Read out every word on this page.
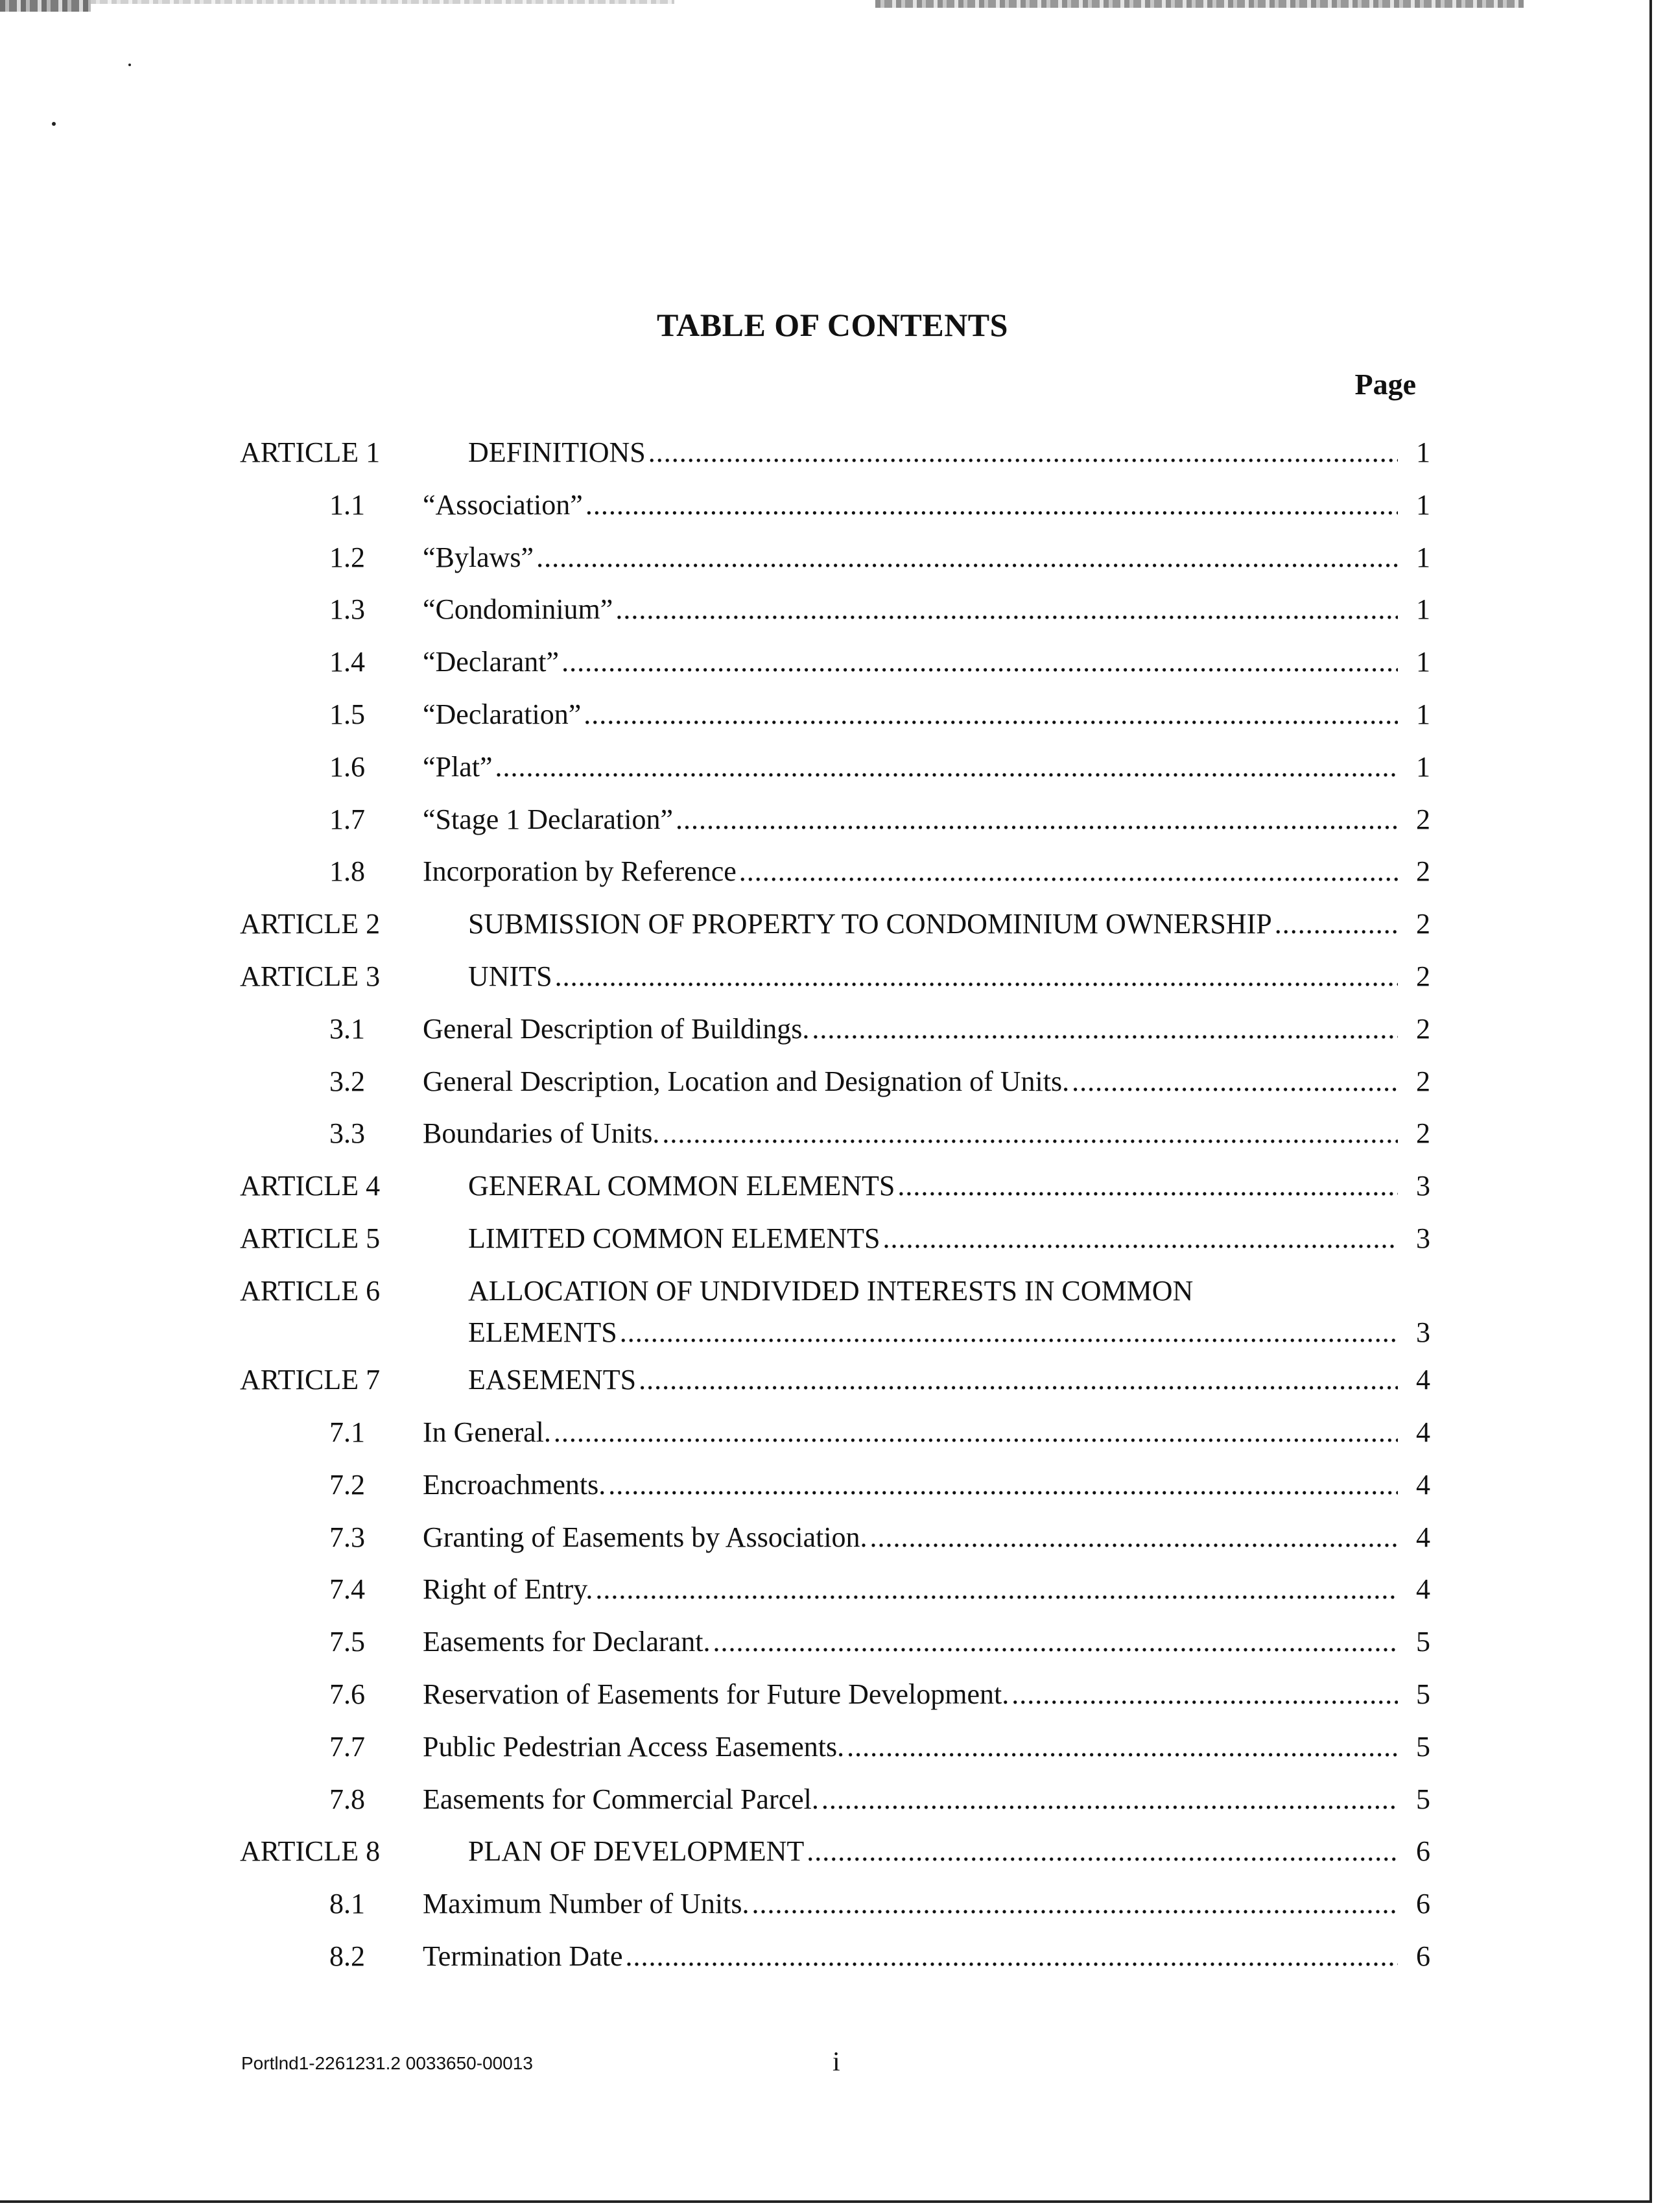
TABLE OF CONTENTS
Page
ARTICLE 1	DEFINITIONS .....	1
1.1 “Association” .....	1
1.2 “Bylaws” .....	1
1.3 “Condominium” .....	1
1.4 “Declarant” .....	1
1.5 “Declaration” .....	1
1.6 “Plat” .....	1
1.7 “Stage 1 Declaration” .....	2
1.8 Incorporation by Reference .....	2
ARTICLE 2	SUBMISSION OF PROPERTY TO CONDOMINIUM OWNERSHIP .....	2
ARTICLE 3	UNITS .....	2
3.1 General Description of Buildings. .....	2
3.2 General Description, Location and Designation of Units. .....	2
3.3 Boundaries of Units. .....	2
ARTICLE 4	GENERAL COMMON ELEMENTS .....	3
ARTICLE 5	LIMITED COMMON ELEMENTS .....	3
ARTICLE 6	ALLOCATION OF UNDIVIDED INTERESTS IN COMMON
ELEMENTS .....	3
ARTICLE 7	EASEMENTS .....	4
7.1 In General. .....	4
7.2 Encroachments. .....	4
7.3 Granting of Easements by Association. .....	4
7.4 Right of Entry. .....	4
7.5 Easements for Declarant. .....	5
7.6 Reservation of Easements for Future Development. .....	5
7.7 Public Pedestrian Access Easements. .....	5
7.8 Easements for Commercial Parcel. .....	5
ARTICLE 8	PLAN OF DEVELOPMENT .....	6
8.1 Maximum Number of Units. .....	6
8.2 Termination Date .....	6
Portlnd1-2261231.2 0033650-00013	i
